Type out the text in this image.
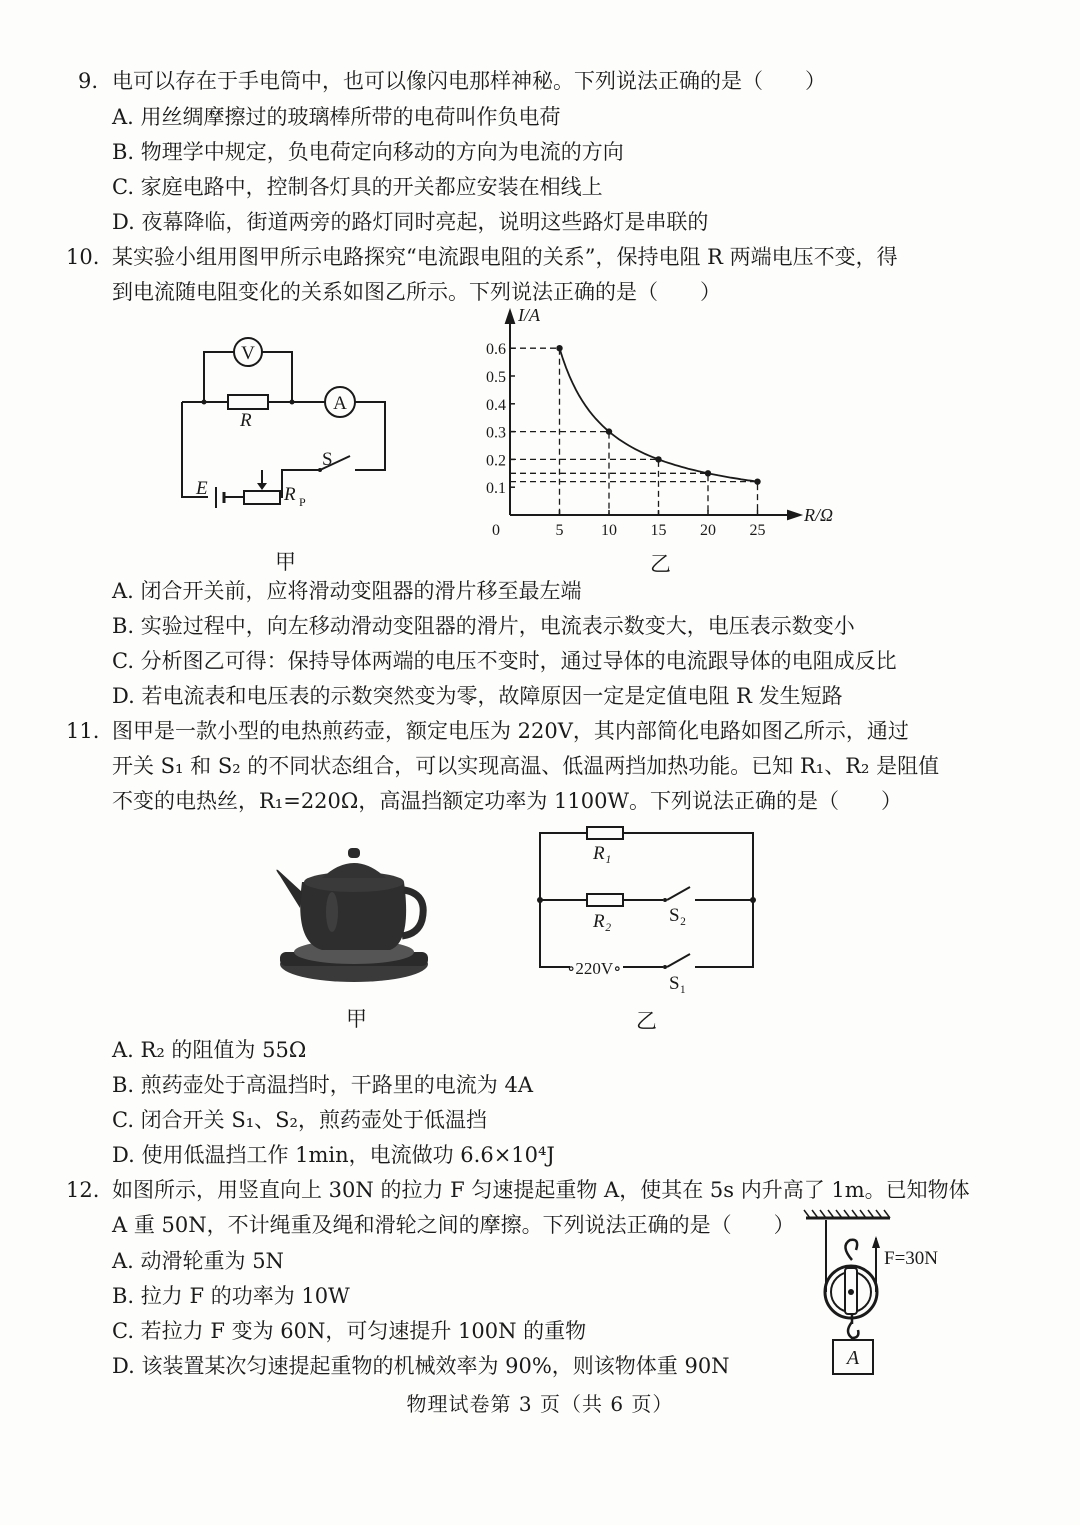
9. 电可以存在于手电筒中，也可以像闪电那样神秘。下列说法正确的是（　　）
A. 用丝绸摩擦过的玻璃棒所带的电荷叫作负电荷
B. 物理学中规定，负电荷定向移动的方向为电流的方向
C. 家庭电路中，控制各灯具的开关都应安装在相线上
D. 夜幕降临，街道两旁的路灯同时亮起，说明这些路灯是串联的
10. 某实验小组用图甲所示电路探究“电流跟电阻的关系”，保持电阻 R 两端电压不变，得
到电流随电阻变化的关系如图乙所示。下列说法正确的是（　　）
V
A
R
S
E	R P
0	5 10 15 20 25
0.1
0.2
0.3
0.4
0.5
0.6
I/A
R/Ω
甲	乙
A. 闭合开关前，应将滑动变阻器的滑片移至最左端
B. 实验过程中，向左移动滑动变阻器的滑片，电流表示数变大，电压表示数变小
C. 分析图乙可得：保持导体两端的电压不变时，通过导体的电流跟导体的电阻成反比
D. 若电流表和电压表的示数突然变为零，故障原因一定是定值电阻 R 发生短路
11. 图甲是一款小型的电热煎药壶，额定电压为 220V，其内部简化电路如图乙所示，通过
开关 S₁ 和 S₂ 的不同状态组合，可以实现高温、低温两挡加热功能。已知 R₁、R₂ 是阻值
不变的电热丝，R₁=220Ω，高温挡额定功率为 1100W。下列说法正确的是（　　）
R₁
R₂	S₂
∘220V∘
S₁
甲	乙
A. R₂ 的阻值为 55Ω
B. 煎药壶处于高温挡时，干路里的电流为 4A
C. 闭合开关 S₁、S₂，煎药壶处于低温挡
D. 使用低温挡工作 1min，电流做功 6.6×10⁴J
12. 如图所示，用竖直向上 30N 的拉力 F 匀速提起重物 A，使其在 5s 内升高了 1m。已知物体
A 重 50N，不计绳重及绳和滑轮之间的摩擦。下列说法正确的是（　　）
A. 动滑轮重为 5N
B. 拉力 F 的功率为 10W
C. 若拉力 F 变为 60N，可匀速提升 100N 的重物
D. 该装置某次匀速提起重物的机械效率为 90%，则该物体重 90N	A
F=30N
物理试卷第 3 页（共 6 页）
